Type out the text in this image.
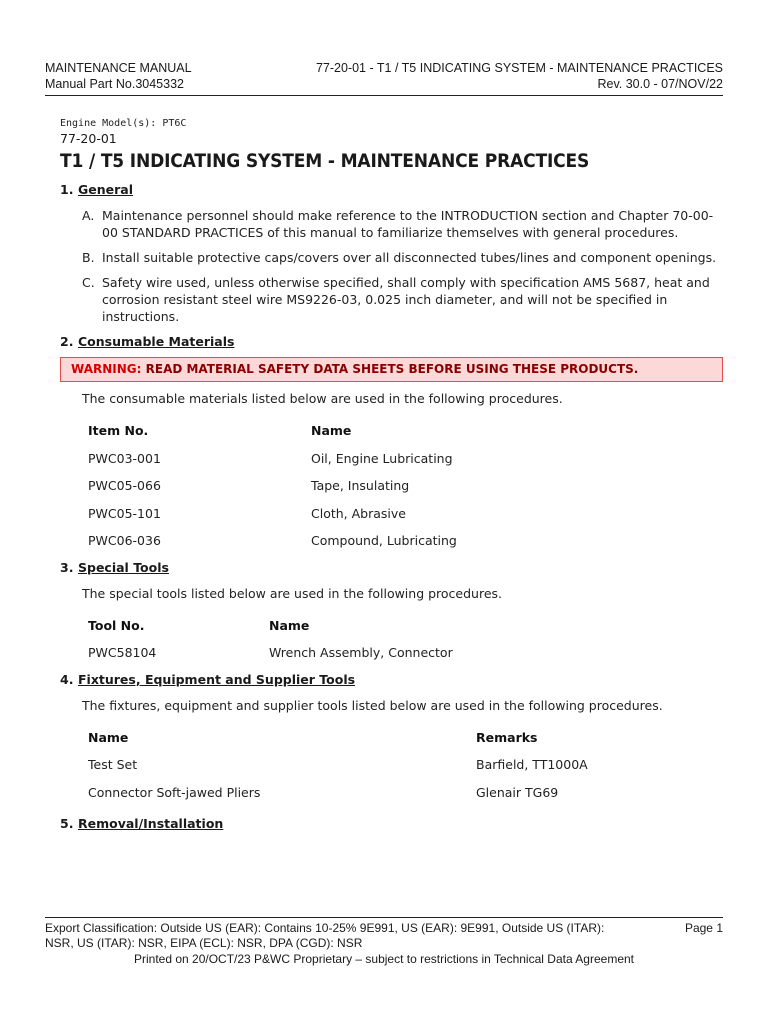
MAINTENANCE MANUAL	77-20-01 - T1 / T5 INDICATING SYSTEM - MAINTENANCE PRACTICES
Manual Part No.3045332	Rev. 30.0 - 07/NOV/22
Engine Model(s): PT6C
77-20-01
T1 / T5 INDICATING SYSTEM - MAINTENANCE PRACTICES
1. General
A. Maintenance personnel should make reference to the INTRODUCTION section and Chapter 70-00-00 STANDARD PRACTICES of this manual to familiarize themselves with general procedures.
B. Install suitable protective caps/covers over all disconnected tubes/lines and component openings.
C. Safety wire used, unless otherwise specified, shall comply with specification AMS 5687, heat and corrosion resistant steel wire MS9226-03, 0.025 inch diameter, and will not be specified in instructions.
2. Consumable Materials
WARNING: READ MATERIAL SAFETY DATA SHEETS BEFORE USING THESE PRODUCTS.
The consumable materials listed below are used in the following procedures.
Item No.	Name
PWC03-001	Oil, Engine Lubricating
PWC05-066	Tape, Insulating
PWC05-101	Cloth, Abrasive
PWC06-036	Compound, Lubricating
3. Special Tools
The special tools listed below are used in the following procedures.
Tool No.	Name
PWC58104	Wrench Assembly, Connector
4. Fixtures, Equipment and Supplier Tools
The fixtures, equipment and supplier tools listed below are used in the following procedures.
Name	Remarks
Test Set	Barfield, TT1000A
Connector Soft-jawed Pliers	Glenair TG69
5. Removal/Installation
Export Classification: Outside US (EAR): Contains 10-25% 9E991, US (EAR): 9E991, Outside US (ITAR): NSR, US (ITAR): NSR, EIPA (ECL): NSR, DPA (CGD): NSR
Page 1
Printed on 20/OCT/23 P&WC Proprietary – subject to restrictions in Technical Data Agreement
